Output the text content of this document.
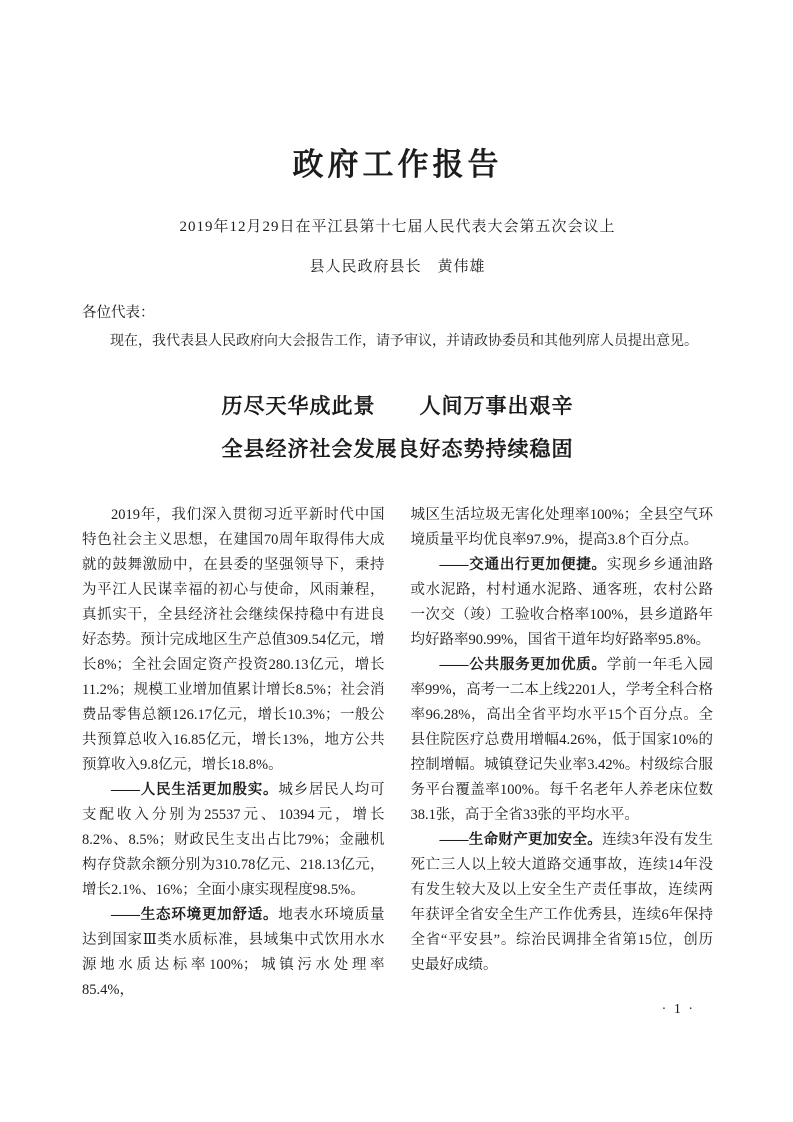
政府工作报告
2019年12月29日在平江县第十七届人民代表大会第五次会议上
县人民政府县长　黄伟雄
各位代表：

现在，我代表县人民政府向大会报告工作，请予审议，并请政协委员和其他列席人员提出意见。

历尽天华成此景　　人间万事出艰辛
全县经济社会发展良好态势持续稳固

2019年，我们深入贯彻习近平新时代中国特色社会主义思想，在建国70周年取得伟大成就的鼓舞激励中，在县委的坚强领导下，秉持为平江人民谋幸福的初心与使命，风雨兼程，真抓实干，全县经济社会继续保持稳中有进良好态势。预计完成地区生产总值309.54亿元，增长8%；全社会固定资产投资280.13亿元，增长11.2%；规模工业增加值累计增长8.5%；社会消费品零售总额126.17亿元，增长10.3%；一般公共预算总收入16.85亿元，增长13%，地方公共预算收入9.8亿元，增长18.8%。

——人民生活更加殷实。城乡居民人均可支配收入分别为25537元、10394元，增长8.2%、8.5%；财政民生支出占比79%；金融机构存贷款余额分别为310.78亿元、218.13亿元，增长2.1%、16%；全面小康实现程度98.5%。

——生态环境更加舒适。地表水环境质量达到国家Ⅲ类水质标准，县域集中式饮用水水源地水质达标率100%；城镇污水处理率85.4%，

城区生活垃圾无害化处理率100%；全县空气环境质量平均优良率97.9%，提高3.8个百分点。

——交通出行更加便捷。实现乡乡通油路或水泥路，村村通水泥路、通客班，农村公路一次交（竣）工验收合格率100%，县乡道路年均好路率90.99%，国省干道年均好路率95.8%。

——公共服务更加优质。学前一年毛入园率99%，高考一二本上线2201人，学考全科合格率96.28%，高出全省平均水平15个百分点。全县住院医疗总费用增幅4.26%，低于国家10%的控制增幅。城镇登记失业率3.42%。村级综合服务平台覆盖率100%。每千名老年人养老床位数38.1张，高于全省33张的平均水平。

——生命财产更加安全。连续3年没有发生死亡三人以上较大道路交通事故，连续14年没有发生较大及以上安全生产责任事故，连续两年获评全省安全生产工作优秀县，连续6年保持全省“平安县”。综治民调排全省第15位，创历史最好成绩。

· 1 ·
